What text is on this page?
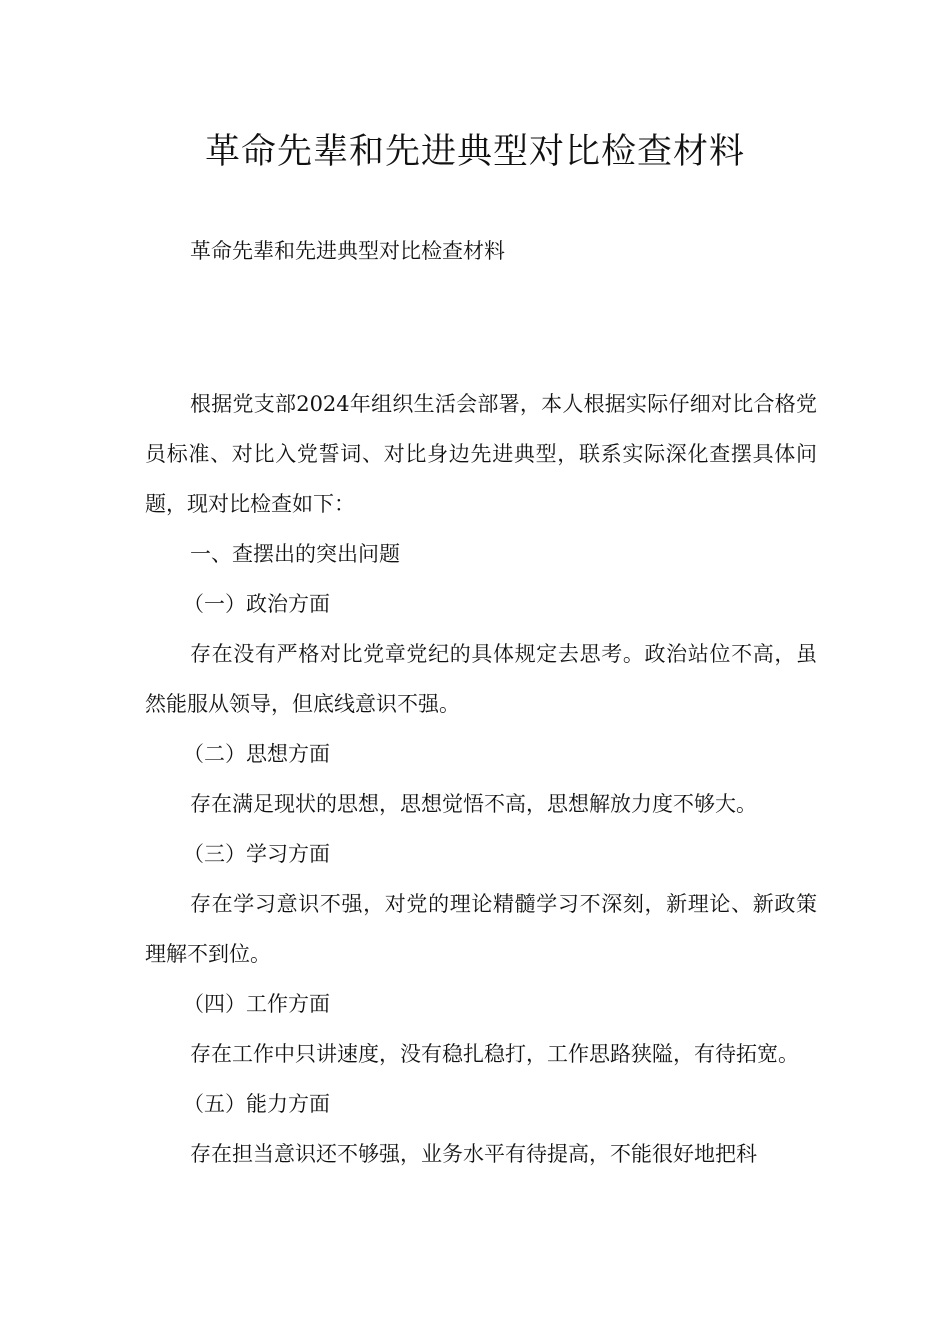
革命先辈和先进典型对比检查材料
革命先辈和先进典型对比检查材料

根据党支部2024年组织生活会部署，本人根据实际仔细对比合格党员标准、对比入党誓词、对比身边先进典型，联系实际深化查摆具体问题，现对比检查如下：

一、查摆出的突出问题

（一）政治方面

存在没有严格对比党章党纪的具体规定去思考。政治站位不高，虽然能服从领导，但底线意识不强。

（二）思想方面

存在满足现状的思想，思想觉悟不高，思想解放力度不够大。

（三）学习方面

存在学习意识不强，对党的理论精髓学习不深刻，新理论、新政策理解不到位。

（四）工作方面

存在工作中只讲速度，没有稳扎稳打，工作思路狭隘，有待拓宽。

（五）能力方面

存在担当意识还不够强，业务水平有待提高，不能很好地把科
